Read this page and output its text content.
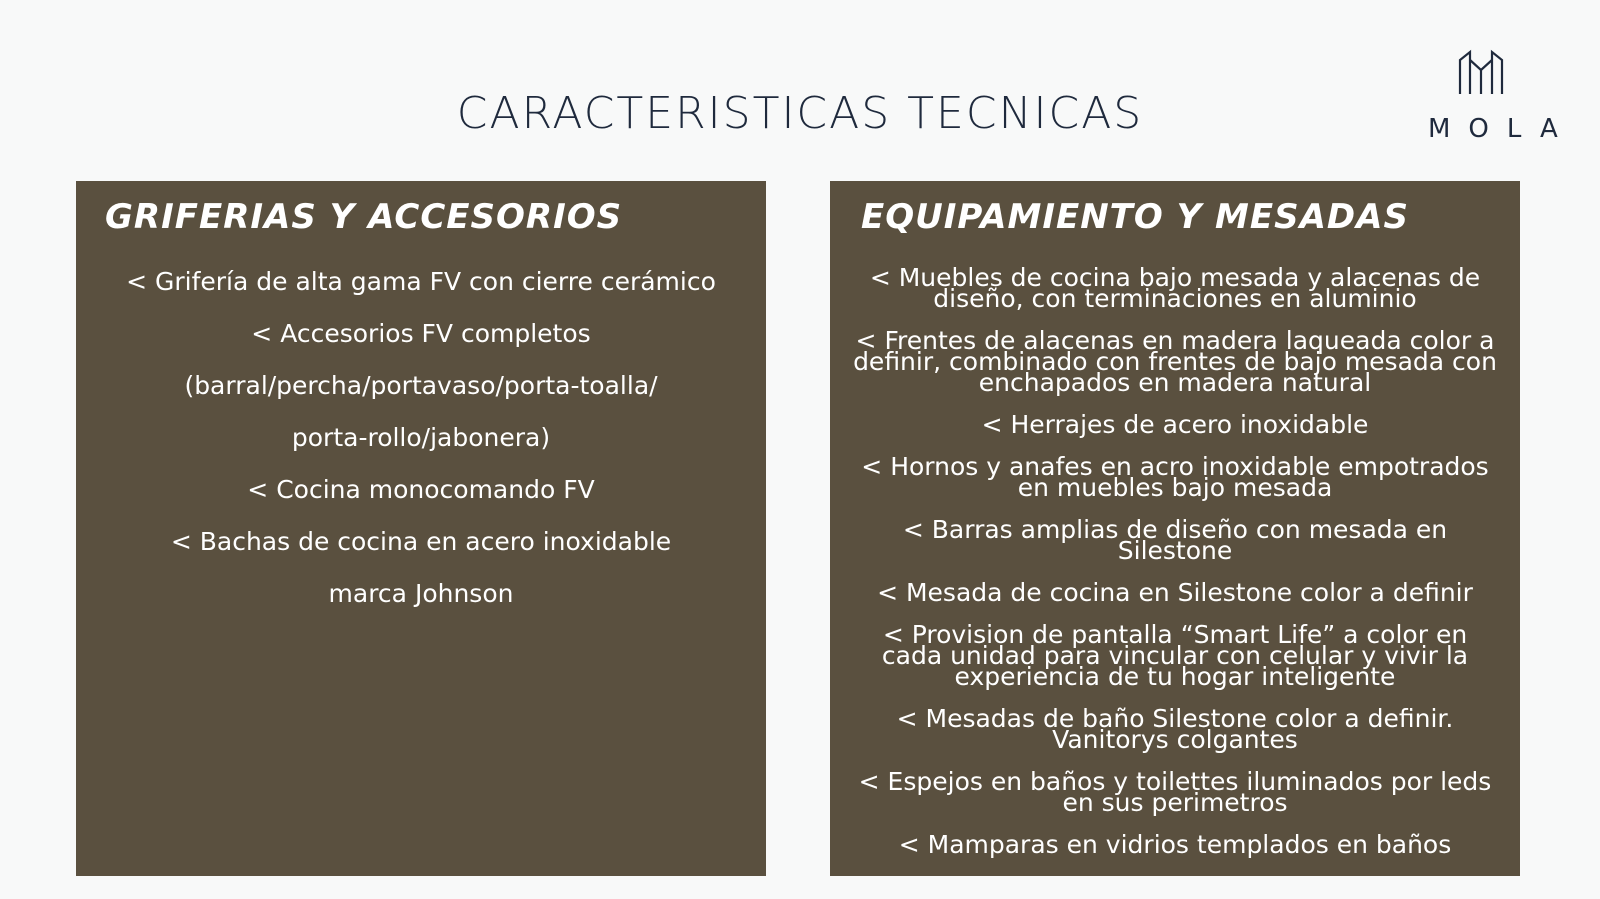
CARACTERISTICAS TECNICAS	MOLA
GRIFERIAS Y ACCESORIOS
< Grifería de alta gama FV con cierre cerámico
< Accesorios FV completos
(barral/percha/portavaso/porta-toalla/
porta-rollo/jabonera)
< Cocina monocomando FV
< Bachas de cocina en acero inoxidable
marca Johnson
EQUIPAMIENTO Y MESADAS
< Muebles de cocina bajo mesada y alacenas de diseño, con terminaciones en aluminio
< Frentes de alacenas en madera laqueada color a definir, combinado con frentes de bajo mesada con enchapados en madera natural
< Herrajes de acero inoxidable
< Hornos y anafes en acro inoxidable empotrados en muebles bajo mesada
< Barras amplias de diseño con mesada en Silestone
< Mesada de cocina en Silestone color a definir
< Provision de pantalla “Smart Life” a color en cada unidad para vincular con celular y vivir la experiencia de tu hogar inteligente
< Mesadas de baño Silestone color a definir. Vanitorys colgantes
< Espejos en baños y toilettes iluminados por leds en sus perimetros
< Mamparas en vidrios templados en baños
